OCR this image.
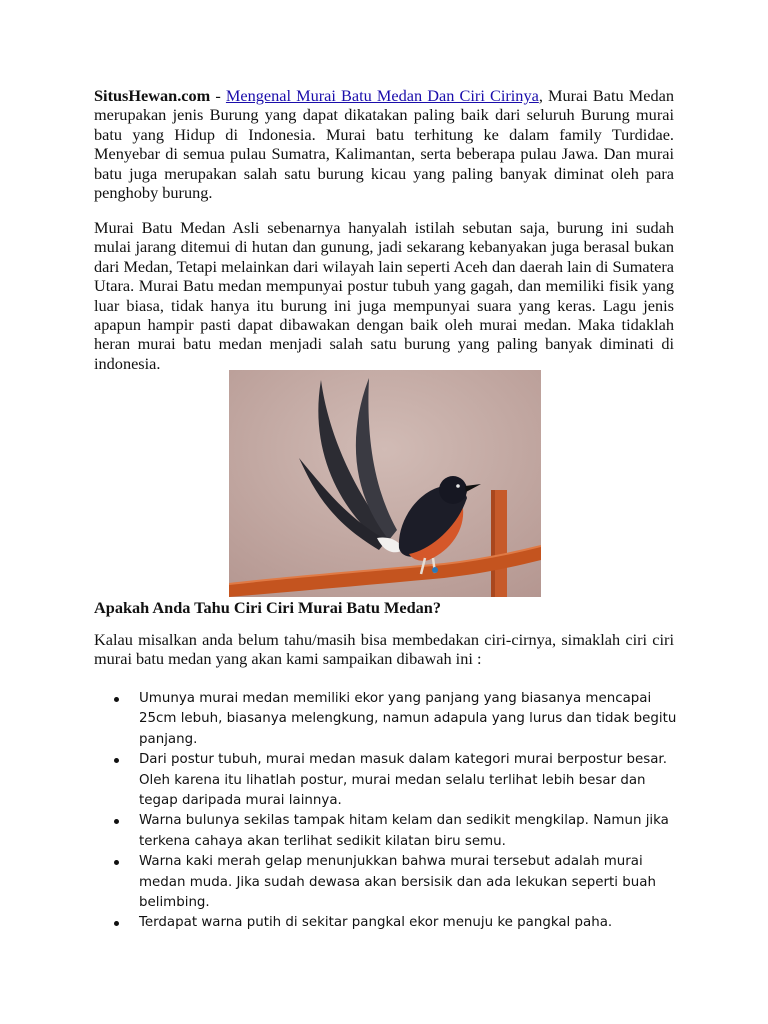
SitusHewan.com - Mengenal Murai Batu Medan Dan Ciri Cirinya, Murai Batu Medan merupakan jenis Burung yang dapat dikatakan paling baik dari seluruh Burung murai batu yang Hidup di Indonesia. Murai batu terhitung ke dalam family Turdidae. Menyebar di semua pulau Sumatra, Kalimantan, serta beberapa pulau Jawa. Dan murai batu juga merupakan salah satu burung kicau yang paling banyak diminat oleh para penghoby burung.

Murai Batu Medan Asli sebenarnya hanyalah istilah sebutan saja, burung ini sudah mulai jarang ditemui di hutan dan gunung, jadi sekarang kebanyakan juga berasal bukan dari Medan, Tetapi melainkan dari wilayah lain seperti Aceh dan daerah lain di Sumatera Utara. Murai Batu medan mempunyai postur tubuh yang gagah, dan memiliki fisik yang luar biasa, tidak hanya itu burung ini juga mempunyai suara yang keras. Lagu jenis apapun hampir pasti dapat dibawakan dengan baik oleh murai medan. Maka tidaklah heran murai batu medan menjadi salah satu burung yang paling banyak diminati di indonesia.

Apakah Anda Tahu Ciri Ciri Murai Batu Medan?

Kalau misalkan anda belum tahu/masih bisa membedakan ciri-cirnya, simaklah ciri ciri murai batu medan yang akan kami sampaikan dibawah ini :

Umunya murai medan memiliki ekor yang panjang yang biasanya mencapai 25cm lebuh, biasanya melengkung, namun adapula yang lurus dan tidak begitu panjang.
Dari postur tubuh, murai medan masuk dalam kategori murai berpostur besar. Oleh karena itu lihatlah postur, murai medan selalu terlihat lebih besar dan tegap daripada murai lainnya.
Warna bulunya sekilas tampak hitam kelam dan sedikit mengkilap. Namun jika terkena cahaya akan terlihat sedikit kilatan biru semu.
Warna kaki merah gelap menunjukkan bahwa murai tersebut adalah murai medan muda. Jika sudah dewasa akan bersisik dan ada lekukan seperti buah belimbing.
Terdapat warna putih di sekitar pangkal ekor menuju ke pangkal paha.
